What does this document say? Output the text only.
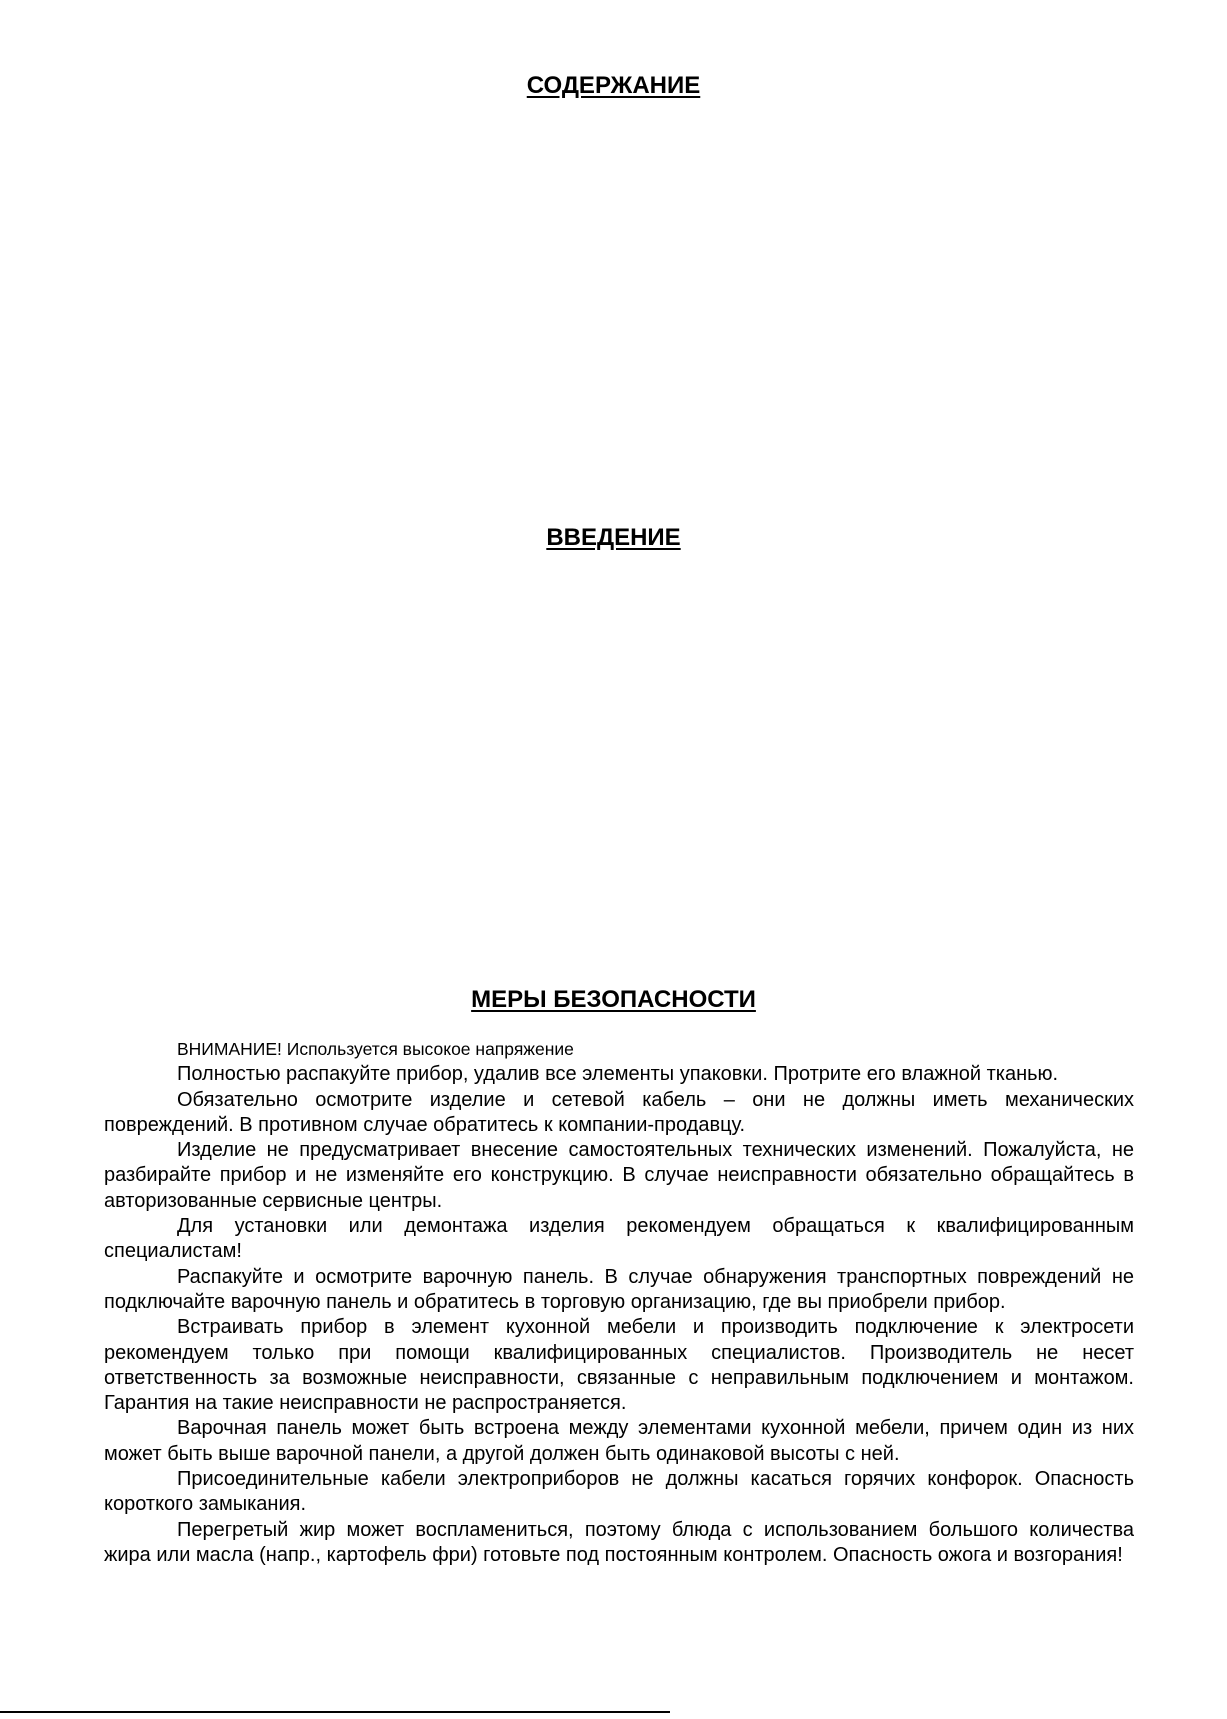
СОДЕРЖАНИЕ
ВВЕДЕНИЕ
МЕРЫ БЕЗОПАСНОСТИ

ВНИМАНИЕ! Используется высокое напряжение

Полностью распакуйте прибор, удалив все элементы упаковки. Протрите его влажной тканью.

Обязательно осмотрите изделие и сетевой кабель – они не должны иметь механических повреждений. В противном случае обратитесь к компании-продавцу.

Изделие не предусматривает внесение самостоятельных технических изменений. Пожалуйста, не разбирайте прибор и не изменяйте его конструкцию. В случае неисправности обязательно обращайтесь в авторизованные сервисные центры.

Для установки или демонтажа изделия рекомендуем обращаться к квалифицированным специалистам!

Распакуйте и осмотрите варочную панель. В случае обнаружения транспортных повреждений не подключайте варочную панель и обратитесь в торговую организацию, где вы приобрели прибор.

Встраивать прибор в элемент кухонной мебели и производить подключение к электросети рекомендуем только при помощи квалифицированных специалистов. Производитель не несет ответственность за возможные неисправности, связанные с неправильным подключением и монтажом. Гарантия на такие неисправности не распространяется.

Варочная панель может быть встроена между элементами кухонной мебели, причем один из них может быть выше варочной панели, а другой должен быть одинаковой высоты с ней.

Присоединительные кабели электроприборов не должны касаться горячих конфорок. Опасность короткого замыкания.

Перегретый жир может воспламениться, поэтому блюда с использованием большого количества жира или масла (напр., картофель фри) готовьте под постоянным контролем. Опасность ожога и возгорания!
